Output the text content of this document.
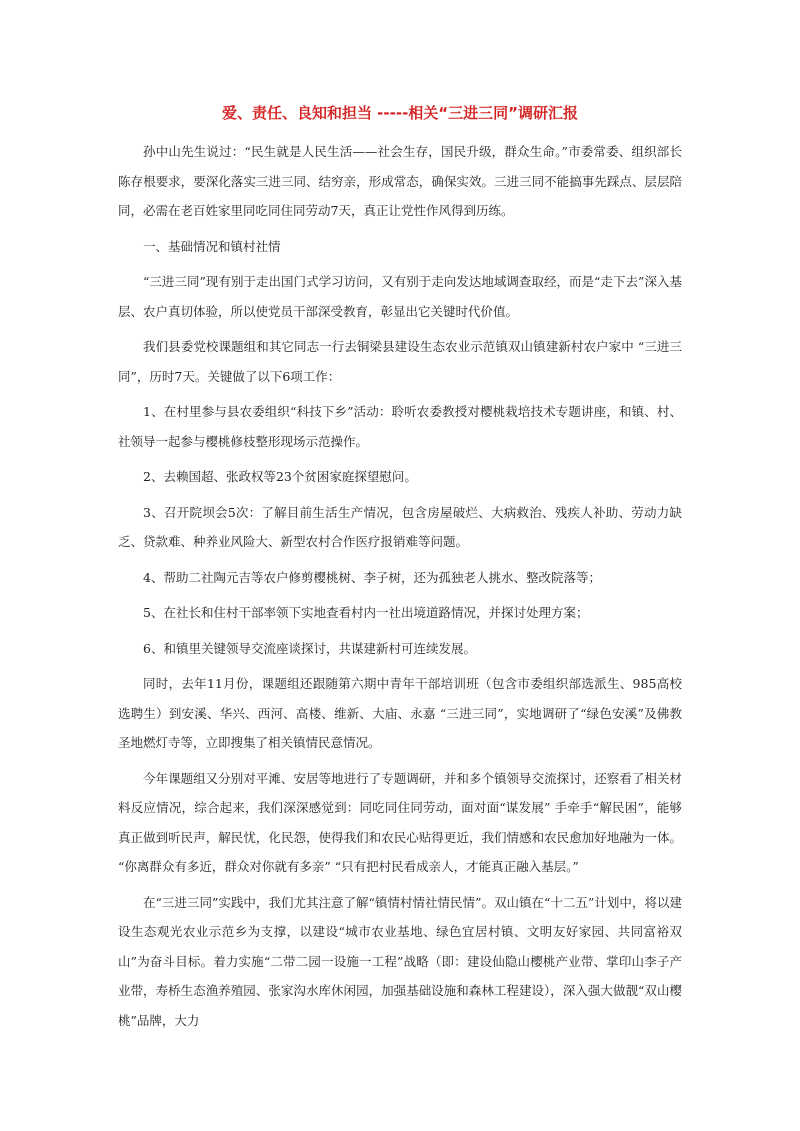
爱、责任、良知和担当 -----相关“三进三同”调研汇报

孙中山先生说过：“民生就是人民生活——社会生存，国民升级，群众生命。”市委常委、组织部长陈存根要求，要深化落实三进三同、结穷亲，形成常态，确保实效。三进三同不能搞事先踩点、层层陪同，必需在老百姓家里同吃同住同劳动7天，真正让党性作风得到历练。

一、基础情况和镇村社情

“三进三同”现有别于走出国门式学习访问，又有别于走向发达地域调查取经，而是“走下去”深入基层、农户真切体验，所以使党员干部深受教育，彰显出它关键时代价值。

我们县委党校课题组和其它同志一行去铜梁县建设生态农业示范镇双山镇建新村农户家中 “三进三同”，历时7天。关键做了以下6项工作：

1、在村里参与县农委组织“科技下乡”活动：聆听农委教授对樱桃栽培技术专题讲座，和镇、村、社领导一起参与樱桃修枝整形现场示范操作。

2、去赖国超、张政权等23个贫困家庭探望慰问。

3、召开院坝会5次：了解目前生活生产情况，包含房屋破烂、大病救治、残疾人补助、劳动力缺乏、贷款难、种养业风险大、新型农村合作医疗报销难等问题。

4、帮助二社陶元吉等农户修剪樱桃树、李子树，还为孤独老人挑水、整改院落等；

5、在社长和住村干部率领下实地查看村内一社出境道路情况，并探讨处理方案；

6、和镇里关键领导交流座谈探讨，共谋建新村可连续发展。

同时，去年11月份，课题组还跟随第六期中青年干部培训班（包含市委组织部选派生、985高校选聘生）到安溪、华兴、西河、高楼、维新、大庙、永嘉 “三进三同”，实地调研了“绿色安溪”及佛教圣地燃灯寺等，立即搜集了相关镇情民意情况。

今年课题组又分别对平滩、安居等地进行了专题调研，并和多个镇领导交流探讨，还察看了相关材料反应情况，综合起来，我们深深感觉到：同吃同住同劳动，面对面“谋发展” 手牵手“解民困”，能够真正做到听民声，解民忧，化民怨，使得我们和农民心贴得更近，我们情感和农民愈加好地融为一体。 “你离群众有多近，群众对你就有多亲” “只有把村民看成亲人，才能真正融入基层。”

在“三进三同”实践中，我们尤其注意了解“镇情村情社情民情”。双山镇在“十二五”计划中，将以建设生态观光农业示范乡为支撑，以建设“城市农业基地、绿色宜居村镇、文明友好家园、共同富裕双山”为奋斗目标。着力实施“二带二园一设施一工程”战略（即：建设仙隐山樱桃产业带、掌印山李子产业带，寿桥生态渔养殖园、张家沟水库休闲园，加强基础设施和森林工程建设），深入强大做靓“双山樱桃”品牌，大力
